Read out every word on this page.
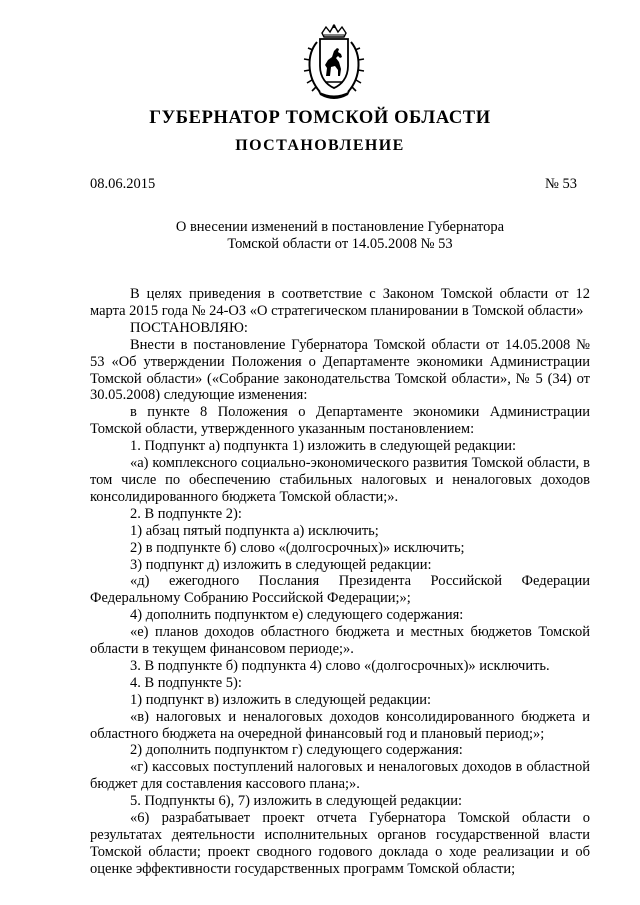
ГУБЕРНАТОР ТОМСКОЙ ОБЛАСТИ
ПОСТАНОВЛЕНИЕ
08.06.2015	№ 53
О внесении изменений в постановление Губернатора
Томской области от 14.05.2008 № 53

В целях приведения в соответствие с Законом Томской области от 12 марта 2015 года № 24-ОЗ «О стратегическом планировании в Томской области»

ПОСТАНОВЛЯЮ:

Внести в постановление Губернатора Томской области от 14.05.2008 № 53 «Об утверждении Положения о Департаменте экономики Администрации Томской области» («Собрание законодательства Томской области», № 5 (34) от 30.05.2008) следующие изменения:

в пункте 8 Положения о Департаменте экономики Администрации Томской области, утвержденного указанным постановлением:

1. Подпункт а) подпункта 1) изложить в следующей редакции:

«а) комплексного социально-экономического развития Томской области, в том числе по обеспечению стабильных налоговых и неналоговых доходов консолидированного бюджета Томской области;».

2. В подпункте 2):

1) абзац пятый подпункта а) исключить;

2) в подпункте б) слово «(долгосрочных)» исключить;

3) подпункт д) изложить в следующей редакции:

«д) ежегодного Послания Президента Российской Федерации Федеральному Собранию Российской Федерации;»;

4) дополнить подпунктом е) следующего содержания:

«е) планов доходов областного бюджета и местных бюджетов Томской области в текущем финансовом периоде;».

3. В подпункте б) подпункта 4) слово «(долгосрочных)» исключить.

4. В подпункте 5):

1) подпункт в) изложить в следующей редакции:

«в) налоговых и неналоговых доходов консолидированного бюджета и областного бюджета на очередной финансовый год и плановый период;»;

2) дополнить подпунктом г) следующего содержания:

«г) кассовых поступлений налоговых и неналоговых доходов в областной бюджет для составления кассового плана;».

5. Подпункты 6), 7) изложить в следующей редакции:

«6) разрабатывает проект отчета Губернатора Томской области о результатах деятельности исполнительных органов государственной власти Томской области; проект сводного годового доклада о ходе реализации и об оценке эффективности государственных программ Томской области;
